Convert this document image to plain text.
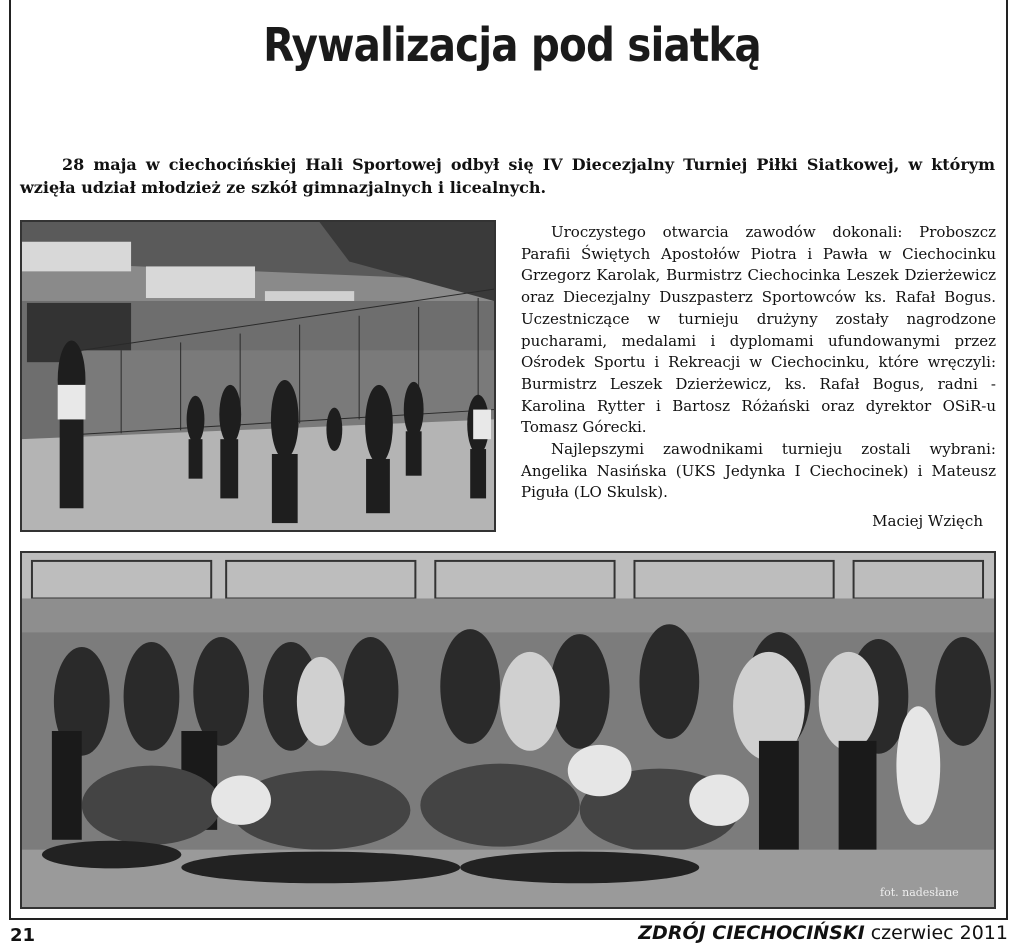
Rywalizacja pod siatką

28 maja w ciechocińskiej Hali Sportowej odbył się IV Diecezjalny Turniej Piłki Siatkowej, w którym wzięła udział młodzież ze szkół gimnazjalnych i licealnych.

Uroczystego otwarcia zawodów dokonali: Proboszcz Parafii Świętych Apostołów Piotra i Pawła w Ciechocinku Grzegorz Karolak, Burmistrz Ciechocinka Leszek Dzierżewicz oraz Diecezjalny Duszpasterz Sportowców ks. Rafał Bogus. Uczestniczące w turnieju drużyny zostały nagrodzone pucharami, medalami i dyplomami ufundowanymi przez Ośrodek Sportu i Rekreacji w Ciechocinku, które wręczyli: Burmistrz Leszek Dzierżewicz, ks. Rafał Bogus, radni - Karolina Rytter i Bartosz Różański oraz dyrektor OSiR-u Tomasz Górecki.

Najlepszymi zawodnikami turnieju zostali wybrani: Angelika Nasińska (UKS Jedynka I Ciechocinek) i Mateusz Piguła (LO Skulsk).

Maciej Wzięch
fot. nadesłane
21	ZDRÓJ CIECHOCIŃSKI czerwiec 2011
